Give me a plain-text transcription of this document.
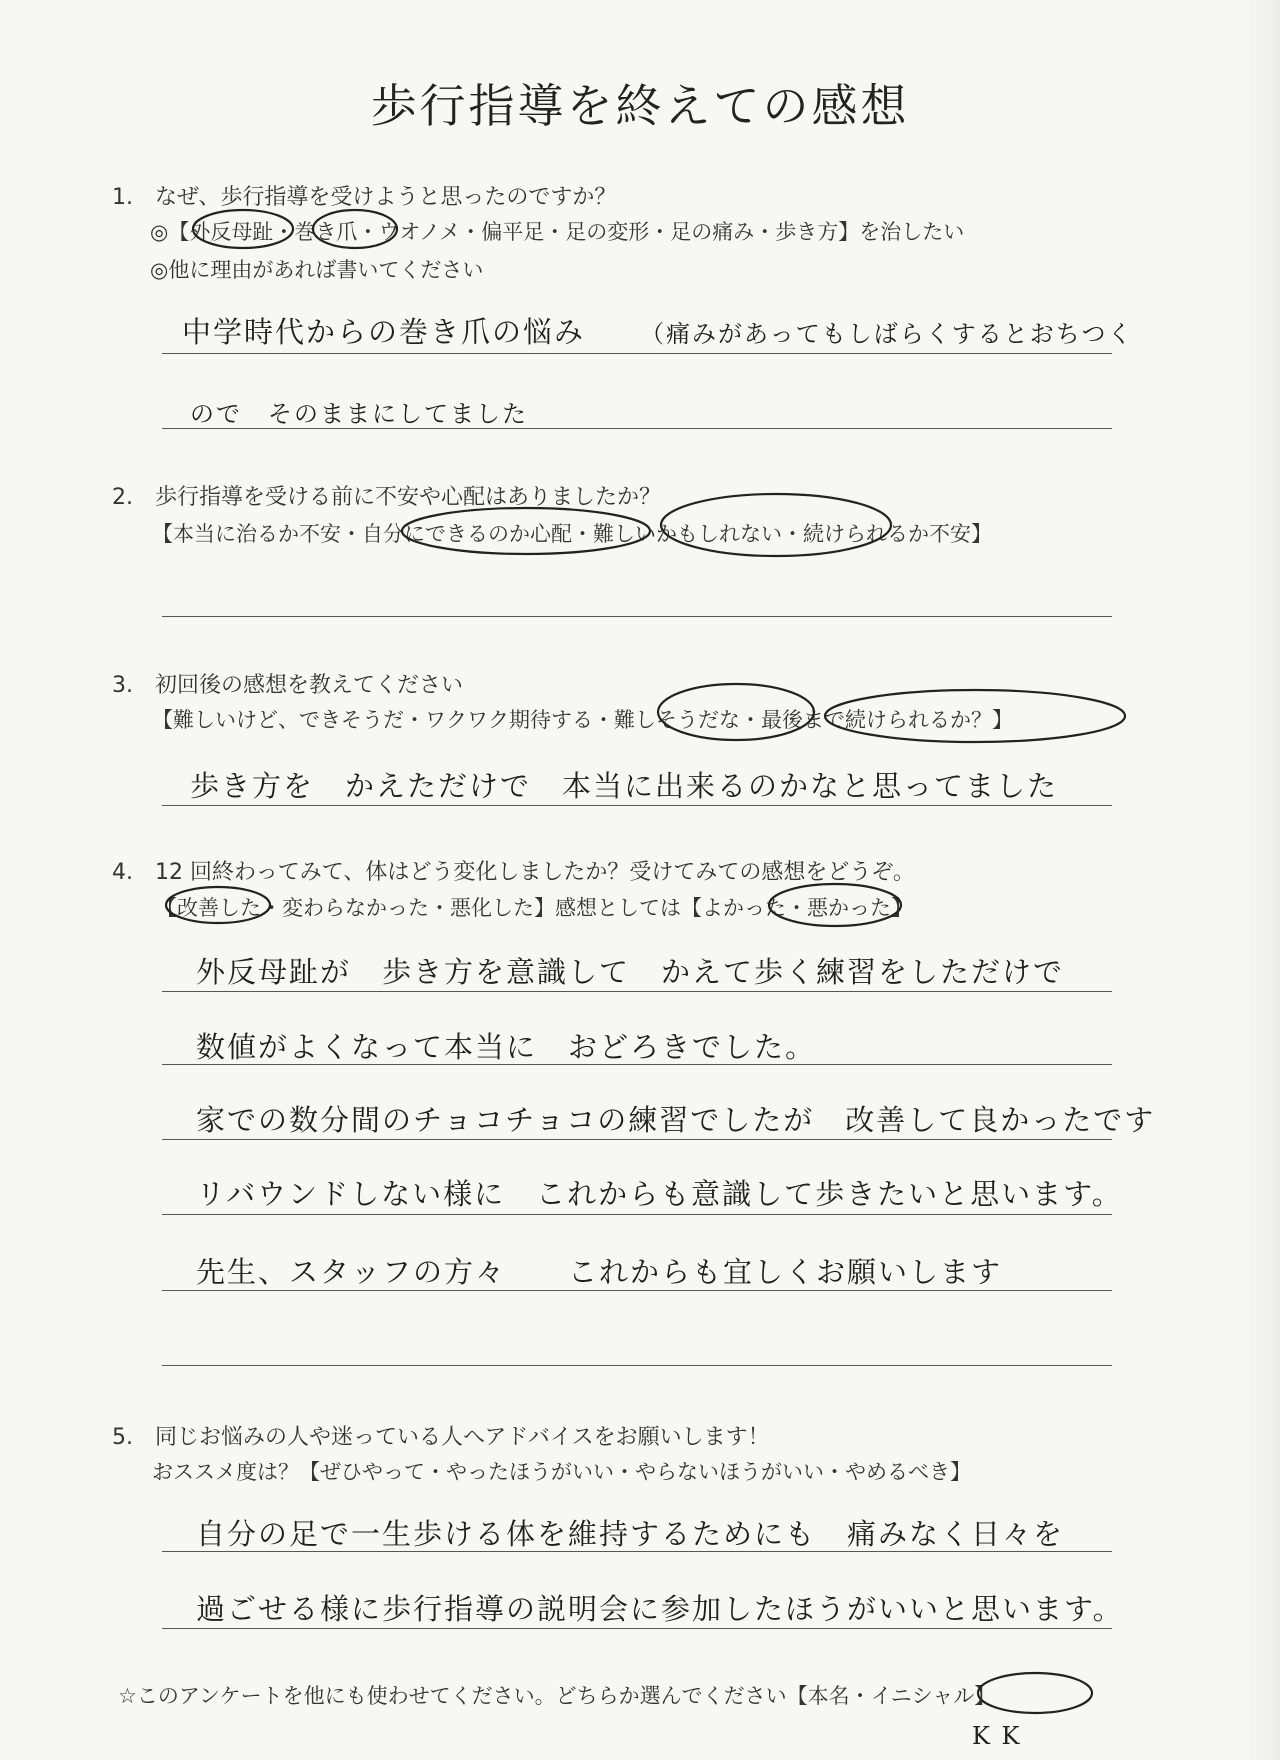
歩行指導を終えての感想
1.　なぜ、歩行指導を受けようと思ったのですか？
◎【外反母趾・巻き爪・ウオノメ・偏平足・足の変形・足の痛み・歩き方】を治したい
◎他に理由があれば書いてください
中学時代からの巻き爪の悩み （痛みがあってもしばらくするとおちつく
ので　そのままにしてました
2.　歩行指導を受ける前に不安や心配はありましたか？
【本当に治るか不安・自分にできるのか心配・難しいかもしれない・続けられるか不安】
3.　初回後の感想を教えてください
【難しいけど、できそうだ・ワクワク期待する・難しそうだな・最後まで続けられるか？】
歩き方を　かえただけで　本当に出来るのかなと思ってました
4.　12 回終わってみて、体はどう変化しましたか？受けてみての感想をどうぞ。
【改善した・変わらなかった・悪化した】感想としては【よかった・悪かった】
外反母趾が　歩き方を意識して　かえて歩く練習をしただけで
数値がよくなって本当に　おどろきでした。
家での数分間のチョコチョコの練習でしたが　改善して良かったです
リバウンドしない様に　これからも意識して歩きたいと思います。
先生、スタッフの方々　　これからも宜しくお願いします
5.　同じお悩みの人や迷っている人へアドバイスをお願いします！
おススメ度は？【ぜひやって・やったほうがいい・やらないほうがいい・やめるべき】
自分の足で一生歩ける体を維持するためにも　痛みなく日々を
過ごせる様に歩行指導の説明会に参加したほうがいいと思います。
☆このアンケートを他にも使わせてください。どちらか選んでください【本名・イニシャル】
K K
